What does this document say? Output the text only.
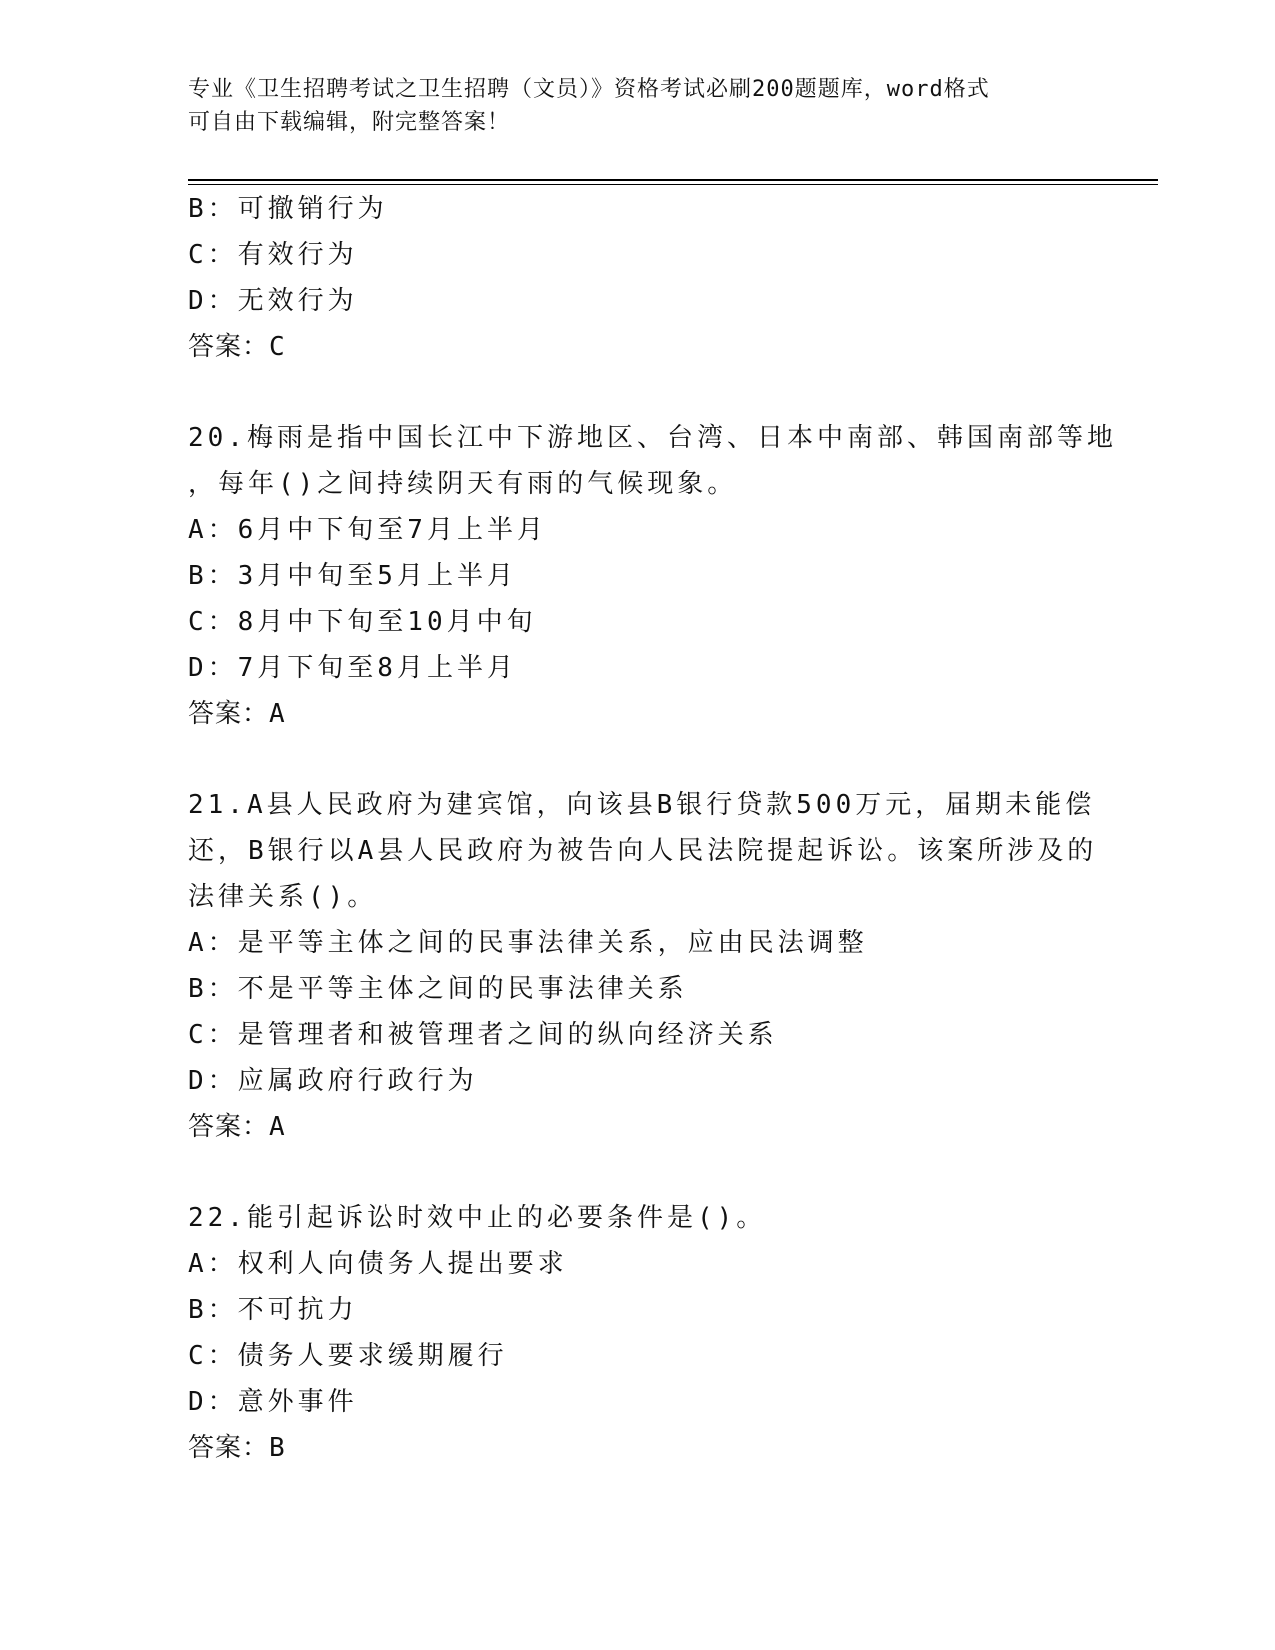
专业《卫生招聘考试之卫生招聘（文员）》资格考试必刷200题题库，word格式
可自由下载编辑，附完整答案！
B：可撤销行为
C：有效行为
D：无效行为
答案：C
20.梅雨是指中国长江中下游地区、台湾、日本中南部、韩国南部等地
，每年()之间持续阴天有雨的气候现象。
A：6月中下旬至7月上半月
B：3月中旬至5月上半月
C：8月中下旬至10月中旬
D：7月下旬至8月上半月
答案：A
21.A县人民政府为建宾馆，向该县B银行贷款500万元，届期未能偿
还，B银行以A县人民政府为被告向人民法院提起诉讼。该案所涉及的
法律关系()。
A：是平等主体之间的民事法律关系，应由民法调整
B：不是平等主体之间的民事法律关系
C：是管理者和被管理者之间的纵向经济关系
D：应属政府行政行为
答案：A
22.能引起诉讼时效中止的必要条件是()。
A：权利人向债务人提出要求
B：不可抗力
C：债务人要求缓期履行
D：意外事件
答案：B
